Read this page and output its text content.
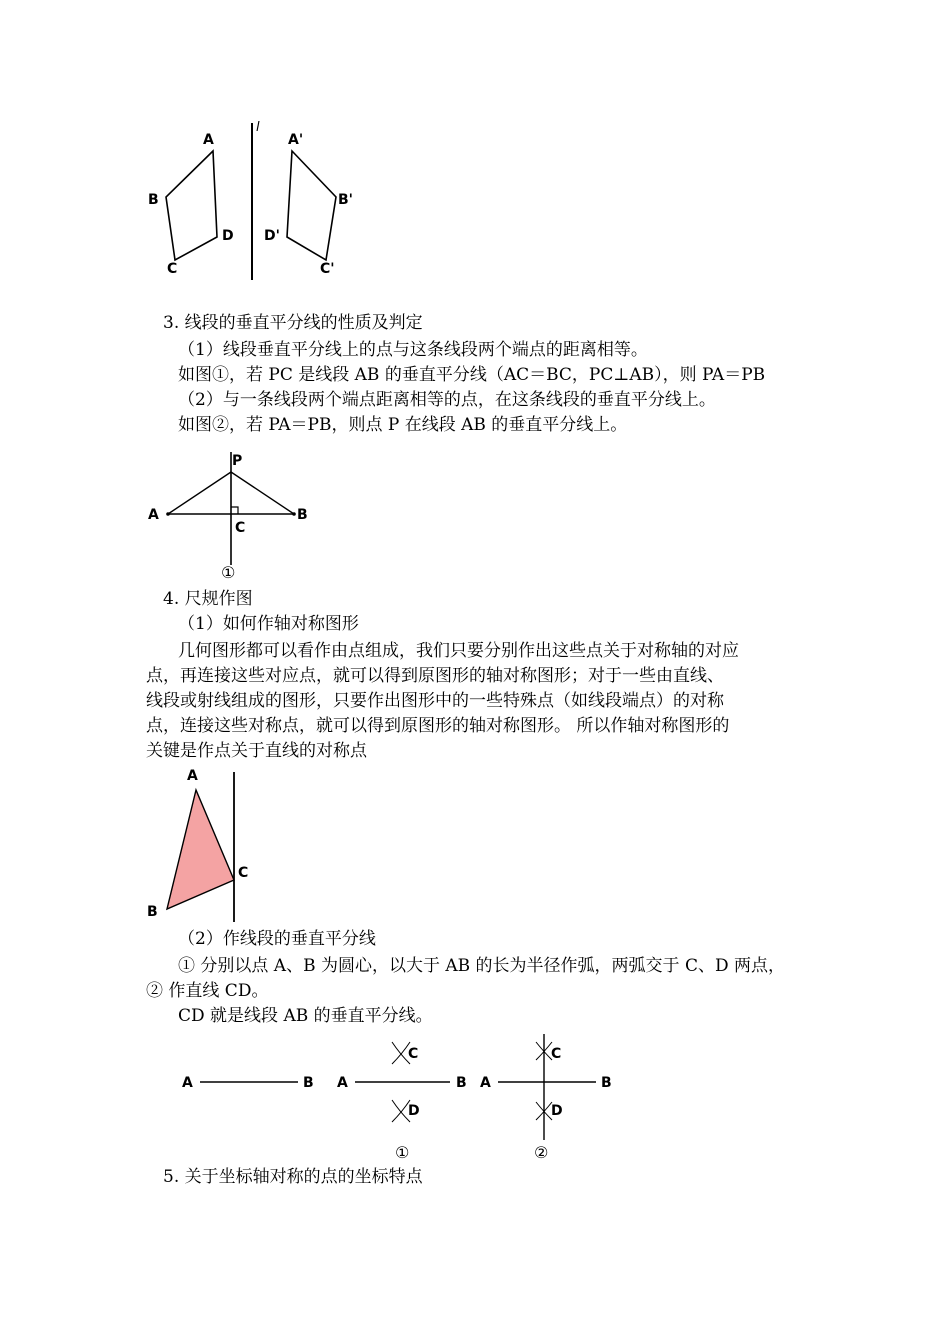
l
A
B
C
D
A'
B'
C'
D'
3. 线段的垂直平分线的性质及判定
（1）线段垂直平分线上的点与这条线段两个端点的距离相等。
如图①，若 PC 是线段 AB 的垂直平分线（AC＝BC，PC⊥AB），则 PA＝PB
（2）与一条线段两个端点距离相等的点，在这条线段的垂直平分线上。
如图②，若 PA＝PB，则点 P 在线段 AB 的垂直平分线上。
P
A	B
C
①
4. 尺规作图
（1）如何作轴对称图形
几何图形都可以看作由点组成，我们只要分别作出这些点关于对称轴的对应
点，再连接这些对应点，就可以得到原图形的轴对称图形；对于一些由直线、
线段或射线组成的图形，只要作出图形中的一些特殊点（如线段端点）的对称
点，连接这些对称点，就可以得到原图形的轴对称图形。 所以作轴对称图形的
关键是作点关于直线的对称点
A
B
C
（2）作线段的垂直平分线
① 分别以点 A、B 为圆心，以大于 AB 的长为半径作弧，两弧交于 C、D 两点，
② 作直线 CD。
CD 就是线段 AB 的垂直平分线。
A	B A	B
C
D
①
A	B
C
D
②
5. 关于坐标轴对称的点的坐标特点
